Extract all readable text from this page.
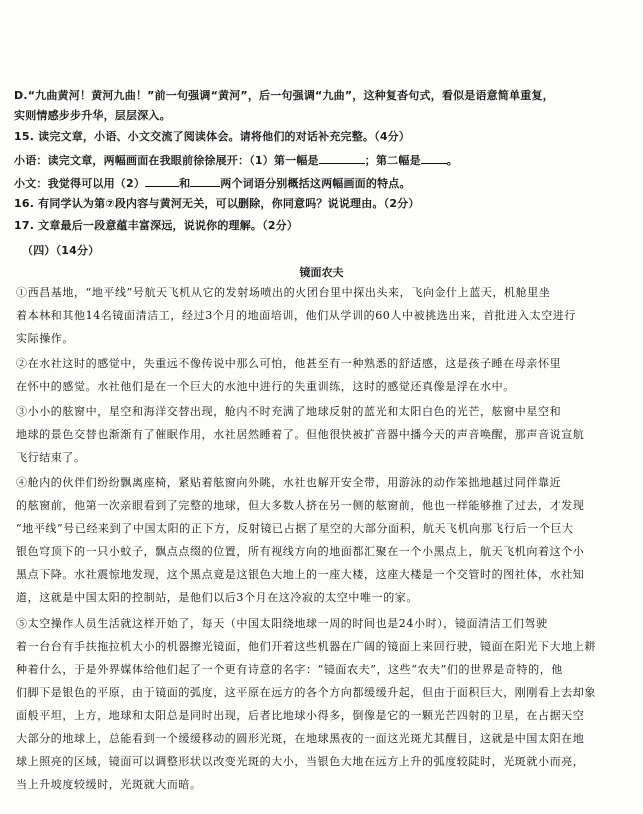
D.“九曲黄河！黄河九曲！”前一句强调“黄河”，后一句强调“九曲”，这种复沓句式，看似是语意简单重复，
实则情感步步升华，层层深入。
15. 读完文章，小语、小文交流了阅读体会。请将他们的对话补充完整。（4分）
小语：读完文章，两幅画面在我眼前徐徐展开：（1）第一幅是	；第二幅是 。
小文：我觉得可以用（2）	和	两个词语分别概括这两幅画面的特点。
16. 有同学认为第⑦段内容与黄河无关，可以删除，你同意吗？说说理由。（2分）
17. 文章最后一段意蕴丰富深远，说说你的理解。（2分）
（四）（14分）
镜面农夫
①西昌基地，“地平线”号航天飞机从它的发射场喷出的火团台里中探出头来，飞向金什上蓝天，机舱里坐
着本林和其他14名镜面清洁工，经过3个月的地面培训，他们从学训的60人中被挑选出来，首批进入太空进行
实际操作。
②在水社这时的感觉中，失重远不像传说中那么可怕，他甚至有一种熟悉的舒适感，这是孩子睡在母亲怀里
在怀中的感觉。水社他们是在一个巨大的水池中进行的失重训练，这时的感觉还真像是浮在水中。
③小小的舷窗中，星空和海洋交替出现，舱内不时充满了地球反射的蓝光和太阳白色的光芒，舷窗中星空和
地球的景色交替也渐渐有了催眠作用，水社居然睡着了。但他很快被扩音器中播今天的声音唤醒，那声音说宣航
飞行结束了。
④舱内的伙伴们纷纷飘离座椅，紧贴着舷窗向外眺，水社也解开安全带，用游泳的动作笨拙地越过同伴靠近
的舷窗前，他第一次亲眼看到了完整的地球，但大多数人挤在另一侧的舷窗前，他也一样能够推了过去，才发现
“地平线”号已经来到了中国太阳的正下方，反射镜已占据了星空的大部分面积，航天飞机向那飞行后一个巨大
银色穹顶下的一只小蚊子，飘点点缀的位置，所有视线方向的地面都汇聚在一个小黑点上，航天飞机向着这个小
黑点下降。水社震惊地发现，这个黑点竟是这银色大地上的一座大楼，这座大楼是一个交管时的图社体，水社知
道，这就是中国太阳的控制站，是他们以后3个月在这冷寂的太空中唯一的家。
⑤太空操作人员生活就这样开始了，每天（中国太阳绕地球一周的时间也是24小时），镜面清洁工们驾驶
着一台台有手扶拖拉机大小的机器擦光镜面，他们开着这些机器在广阔的镜面上来回行驶，镜面在阳光下大地上耕
种着什么，于是外界媒体给他们起了一个更有诗意的名字：“镜面农夫”，这些“农夫”们的世界是奇特的，他
们脚下是银色的平原，由于镜面的弧度，这平原在远方的各个方向都缓缓升起，但由于面积巨大，刚刚看上去却象
面般平坦，上方，地球和太阳总是同时出现，后者比地球小得多，倒像是它的一颗光芒四射的卫星，在占据天空
大部分的地球上，总能看到一个缓缓移动的圆形光斑，在地球黑夜的一面这光斑尤其醒目，这就是中国太阳在地
球上照亮的区域，镜面可以调整形状以改变光斑的大小，当银色大地在远方上升的弧度较陡时，光斑就小而亮，
当上升坡度较缓时，光斑就大而暗。
